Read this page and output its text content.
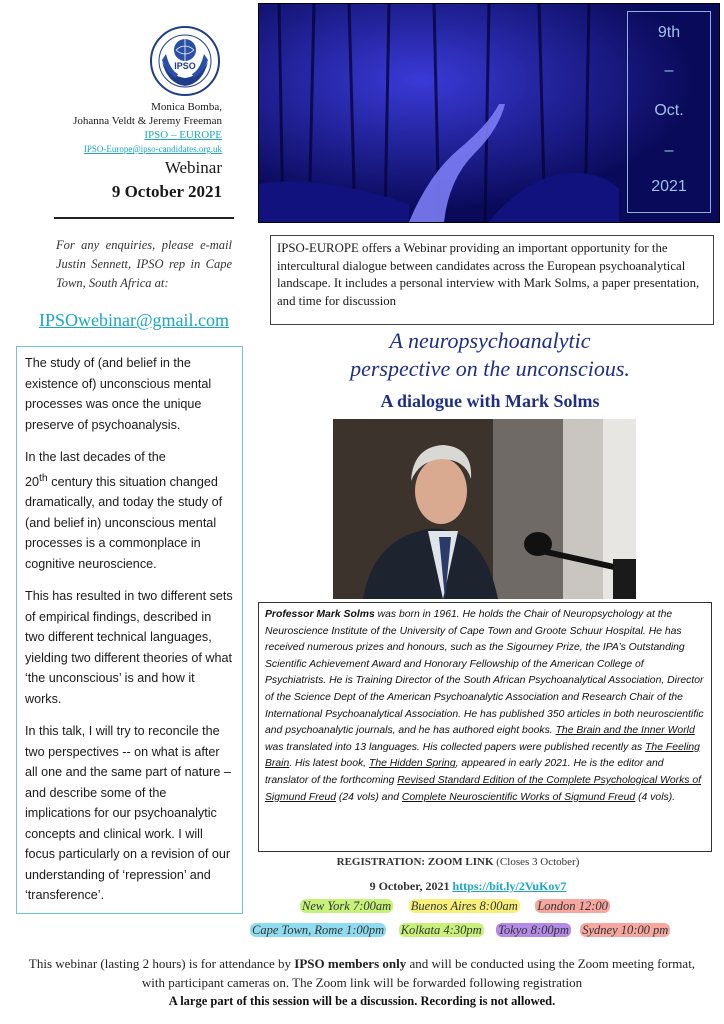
IPSO
Monica Bomba,
Johanna Veldt & Jeremy Freeman
IPSO – EUROPE
IPSO-Europe@ipso-candidates.org.uk
Webinar
9 October 2021
For any enquiries, please e-mail Justin Sennett, IPSO rep in Cape Town, South Africa at:
IPSOwebinar@gmail.com

The study of (and belief in the existence of) unconscious mental processes was once the unique preserve of psychoanalysis.

In the last decades of the
20th century this situation changed dramatically, and today the study of (and belief in) unconscious mental processes is a commonplace in cognitive neuroscience.

This has resulted in two different sets of empirical findings, described in two different technical languages, yielding two different theories of what ‘the unconscious’ is and how it works.

In this talk, I will try to reconcile the two perspectives -- on what is after all one and the same part of nature – and describe some of the implications for our psychoanalytic concepts and clinical work. I will focus particularly on a revision of our understanding of ‘repression’ and ‘transference’.

9th
–
Oct.
–
2021
IPSO-EUROPE offers a Webinar providing an important opportunity for the intercultural dialogue between candidates across the European psychoanalytical landscape. It includes a personal interview with Mark Solms, a paper presentation, and time for discussion
A neuropsychoanalytic
perspective on the unconscious.
A dialogue with Mark Solms
Professor Mark Solms was born in 1961. He holds the Chair of Neuropsychology at the Neuroscience Institute of the University of Cape Town and Groote Schuur Hospital. He has received numerous prizes and honours, such as the Sigourney Prize, the IPA’s Outstanding Scientific Achievement Award and Honorary Fellowship of the American College of Psychiatrists. He is Training Director of the South African Psychoanalytical Association, Director of the Science Dept of the American Psychoanalytic Association and Research Chair of the International Psychoanalytical Association. He has published 350 articles in both neuroscientific and psychoanalytic journals, and he has authored eight books. The Brain and the Inner World was translated into 13 languages. His collected papers were published recently as The Feeling Brain. His latest book, The Hidden Spring, appeared in early 2021. He is the editor and translator of the forthcoming Revised Standard Edition of the Complete Psychological Works of Sigmund Freud (24 vols) and Complete Neuroscientific Works of Sigmund Freud (4 vols).
REGISTRATION: ZOOM LINK (Closes 3 October)
9 October, 2021 https://bit.ly/2VuKov7
New York 7:00am Buenos Aires 8:00am London 12:00
Cape Town, Rome 1:00pm Kolkata 4:30pm Tokyo 8:00pm Sydney 10:00 pm
This webinar (lasting 2 hours) is for attendance by IPSO members only and will be conducted using the Zoom meeting format, with participant cameras on. The Zoom link will be forwarded following registration
A large part of this session will be a discussion. Recording is not allowed.
